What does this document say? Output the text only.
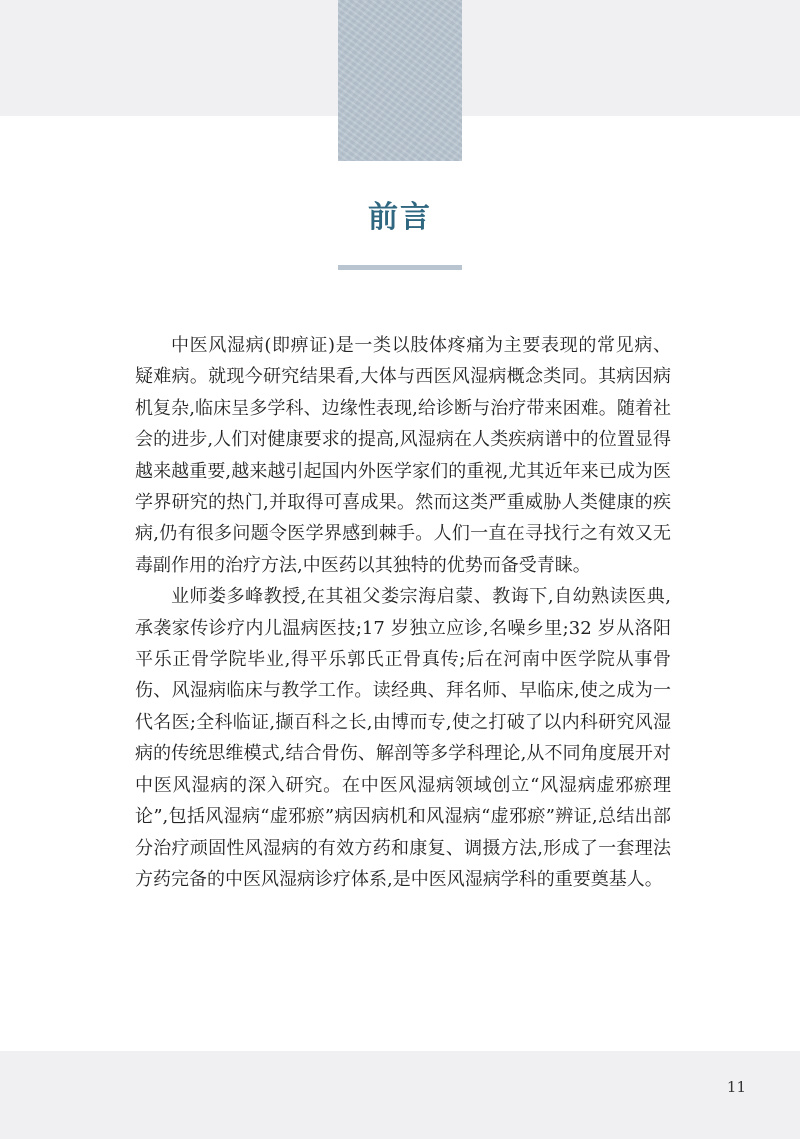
前言

中医风湿病(即痹证)是一类以肢体疼痛为主要表现的常见病、疑难病。就现今研究结果看,大体与西医风湿病概念类同。其病因病机复杂,临床呈多学科、边缘性表现,给诊断与治疗带来困难。随着社会的进步,人们对健康要求的提高,风湿病在人类疾病谱中的位置显得越来越重要,越来越引起国内外医学家们的重视,尤其近年来已成为医学界研究的热门,并取得可喜成果。然而这类严重威胁人类健康的疾病,仍有很多问题令医学界感到棘手。人们一直在寻找行之有效又无毒副作用的治疗方法,中医药以其独特的优势而备受青睐。

业师娄多峰教授,在其祖父娄宗海启蒙、教诲下,自幼熟读医典,承袭家传诊疗内儿温病医技;17 岁独立应诊,名噪乡里;32 岁从洛阳平乐正骨学院毕业,得平乐郭氏正骨真传;后在河南中医学院从事骨伤、风湿病临床与教学工作。读经典、拜名师、早临床,使之成为一代名医;全科临证,撷百科之长,由博而专,使之打破了以内科研究风湿病的传统思维模式,结合骨伤、解剖等多学科理论,从不同角度展开对中医风湿病的深入研究。在中医风湿病领域创立“风湿病虚邪瘀理论”,包括风湿病“虚邪瘀”病因病机和风湿病“虚邪瘀”辨证,总结出部分治疗顽固性风湿病的有效方药和康复、调摄方法,形成了一套理法方药完备的中医风湿病诊疗体系,是中医风湿病学科的重要奠基人。

11
